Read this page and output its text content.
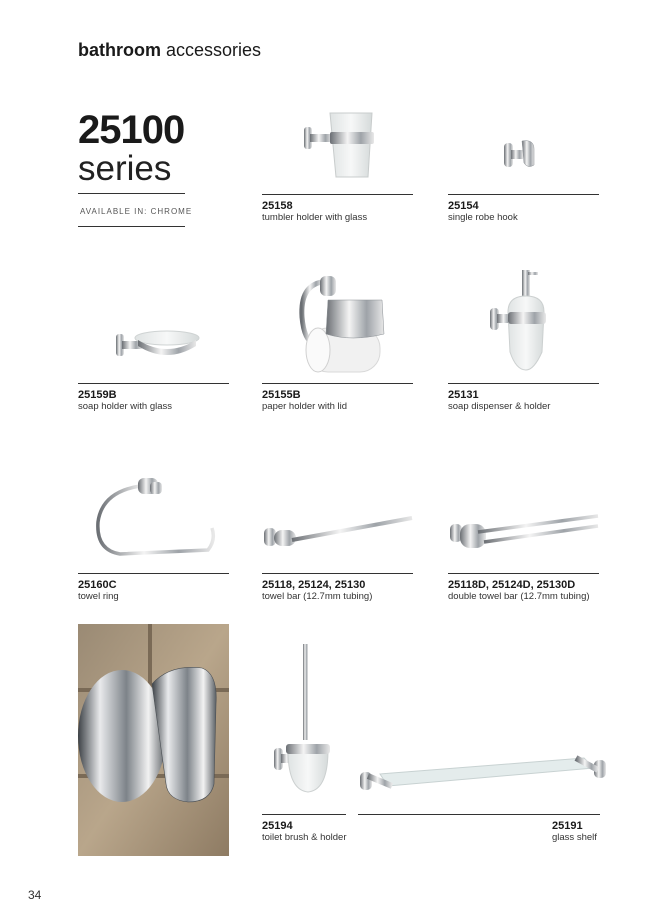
bathroom accessories
25100
series
AVAILABLE IN: CHROME	25158
tumbler holder with glass
25154
single robe hook
25159B
soap holder with glass
25155B
paper holder with lid
25131
soap dispenser & holder
25160C
towel ring
25118, 25124, 25130
towel bar (12.7mm tubing)
25118D, 25124D, 25130D
double towel bar (12.7mm tubing)
25194
toilet brush & holder
25191
glass shelf
34
